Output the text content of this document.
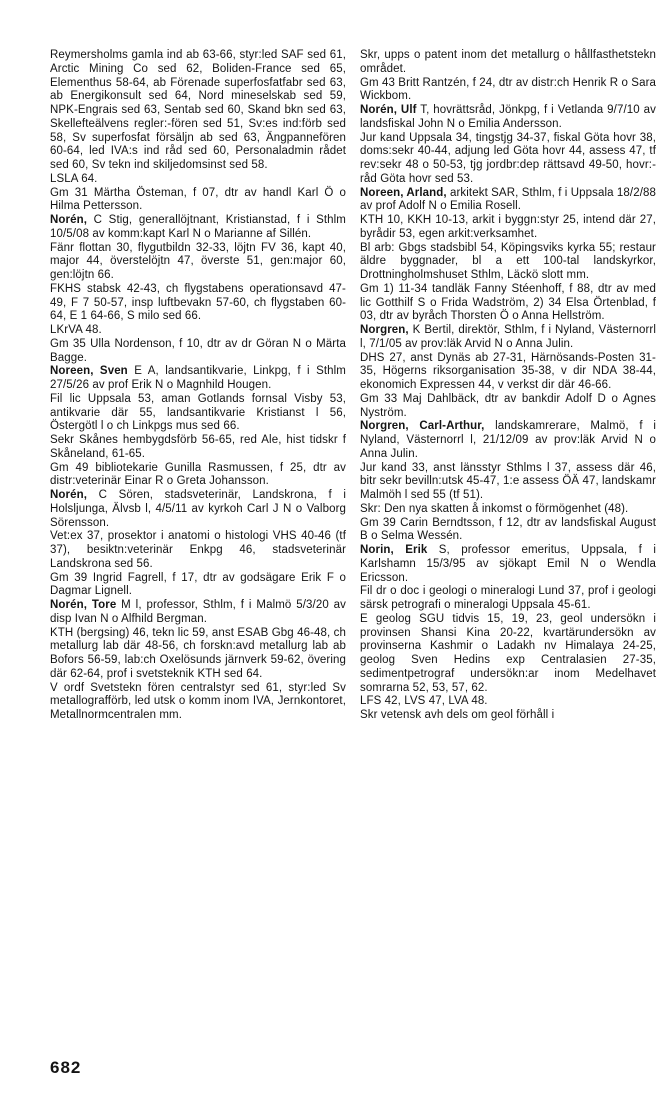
Reymersholms gamla ind ab 63-66, styr:led SAF sed 61, Arctic Mining Co sed 62, Boliden-France sed 65, Elementhus 58-64, ab Förenade superfosfatfabr sed 63, ab Energikonsult sed 64, Nord mineselskab sed 59, NPK-Engrais sed 63, Sentab sed 60, Skand bkn sed 63, Skellefteälvens regler:-fören sed 51, Sv:es ind:förb sed 58, Sv superfosfat försäljn ab sed 63, Ängpannefören 60-64, led IVA:s ind råd sed 60, Personaladmin rådet sed 60, Sv tekn ind skiljedomsinst sed 58.
LSLA 64.
Gm 31 Märtha Östeman, f 07, dtr av handl Karl Ö o Hilma Pettersson.
Norén, C Stig, generallöjtnant, Kristianstad, f i Sthlm 10/5/08 av komm:kapt Karl N o Marianne af Sillén.
Fänr flottan 30, flygutbildn 32-33, löjtn FV 36, kapt 40, major 44, överstelöjtn 47, överste 51, gen:major 60, gen:löjtn 66.
FKHS stabsk 42-43, ch flygstabens operationsavd 47-49, F 7 50-57, insp luftbevakn 57-60, ch flygstaben 60-64, E 1 64-66, S milo sed 66.
LKrVA 48.
Gm 35 Ulla Nordenson, f 10, dtr av dr Göran N o Märta Bagge.
Noreen, Sven E A, landsantikvarie, Linkpg, f i Sthlm 27/5/26 av prof Erik N o Magnhild Hougen.
Fil lic Uppsala 53, aman Gotlands fornsal Visby 53, antikvarie där 55, landsantikvarie Kristianst l 56, Östergötl l o ch Linkpgs mus sed 66.
Sekr Skånes hembygdsförb 56-65, red Ale, hist tidskr f Skåneland, 61-65.
Gm 49 bibliotekarie Gunilla Rasmussen, f 25, dtr av distr:veterinär Einar R o Greta Johansson.
Norén, C Sören, stadsveterinär, Landskrona, f i Holsljunga, Älvsb l, 4/5/11 av kyrkoh Carl J N o Valborg Sörensson.
Vet:ex 37, prosektor i anatomi o histologi VHS 40-46 (tf 37), besiktn:veterinär Enkpg 46, stadsveterinär Landskrona sed 56.
Gm 39 Ingrid Fagrell, f 17, dtr av godsägare Erik F o Dagmar Lignell.
Norén, Tore M l, professor, Sthlm, f i Malmö 5/3/20 av disp Ivan N o Alfhild Bergman.
KTH (bergsing) 46, tekn lic 59, anst ESAB Gbg 46-48, ch metallurg lab där 48-56, ch forskn:avd metallurg lab ab Bofors 56-59, lab:ch Oxelösunds järnverk 59-62, övering där 62-64, prof i svetsteknik KTH sed 64.
V ordf Svetstekn fören centralstyr sed 61, styr:led Sv metallografförb, led utsk o komm inom IVA, Jernkontoret, Metallnormcentralen mm.
Skr, upps o patent inom det metallurg o hållfasthetstekn området.
Gm 43 Britt Rantzén, f 24, dtr av distr:ch Henrik R o Sara Wickbom.
Norén, Ulf T, hovrättsråd, Jönkpg, f i Vetlanda 9/7/10 av landsfiskal John N o Emilia Andersson.
Jur kand Uppsala 34, tingstjg 34-37, fiskal Göta hovr 38, doms:sekr 40-44, adjung led Göta hovr 44, assess 47, tf rev:sekr 48 o 50-53, tjg jordbr:dep rättsavd 49-50, hovr:-råd Göta hovr sed 53.
Noreen, Arland, arkitekt SAR, Sthlm, f i Uppsala 18/2/88 av prof Adolf N o Emilia Rosell.
KTH 10, KKH 10-13, arkit i byggn:styr 25, intend där 27, byrådir 53, egen arkit:verksamhet.
Bl arb: Gbgs stadsbibl 54, Köpingsviks kyrka 55; restaur äldre byggnader, bl a ett 100-tal landskyrkor, Drottningholmshuset Sthlm, Läckö slott mm.
Gm 1) 11-34 tandläk Fanny Stéenhoff, f 88, dtr av med lic Gotthilf S o Frida Wadström, 2) 34 Elsa Örtenblad, f 03, dtr av byråch Thorsten Ö o Anna Hellström.
Norgren, K Bertil, direktör, Sthlm, f i Nyland, Västernorrl l, 7/1/05 av prov:läk Arvid N o Anna Julin.
DHS 27, anst Dynäs ab 27-31, Härnösands-Posten 31-35, Högerns riksorganisation 35-38, v dir NDA 38-44, ekonomich Expressen 44, v verkst dir där 46-66.
Gm 33 Maj Dahlbäck, dtr av bankdir Adolf D o Agnes Nyström.
Norgren, Carl-Arthur, landskamrerare, Malmö, f i Nyland, Västernorrl l, 21/12/09 av prov:läk Arvid N o Anna Julin.
Jur kand 33, anst länsstyr Sthlms l 37, assess där 46, bitr sekr bevilln:utsk 45-47, 1:e assess ÖÄ 47, landskamr Malmöh l sed 55 (tf 51).
Skr: Den nya skatten å inkomst o förmögenhet (48).
Gm 39 Carin Berndtsson, f 12, dtr av landsfiskal August B o Selma Wessén.
Norin, Erik S, professor emeritus, Uppsala, f i Karlshamn 15/3/95 av sjökapt Emil N o Wendla Ericsson.
Fil dr o doc i geologi o mineralogi Lund 37, prof i geologi särsk petrografi o mineralogi Uppsala 45-61.
E geolog SGU tidvis 15, 19, 23, geol undersökn i provinsen Shansi Kina 20-22, kvartärundersökn av provinserna Kashmir o Ladakh nv Himalaya 24-25, geolog Sven Hedins exp Centralasien 27-35, sedimentpetrograf undersökn:ar inom Medelhavet somrarna 52, 53, 57, 62.
LFS 42, LVS 47, LVA 48.
Skr vetensk avh dels om geol förhåll i
682
